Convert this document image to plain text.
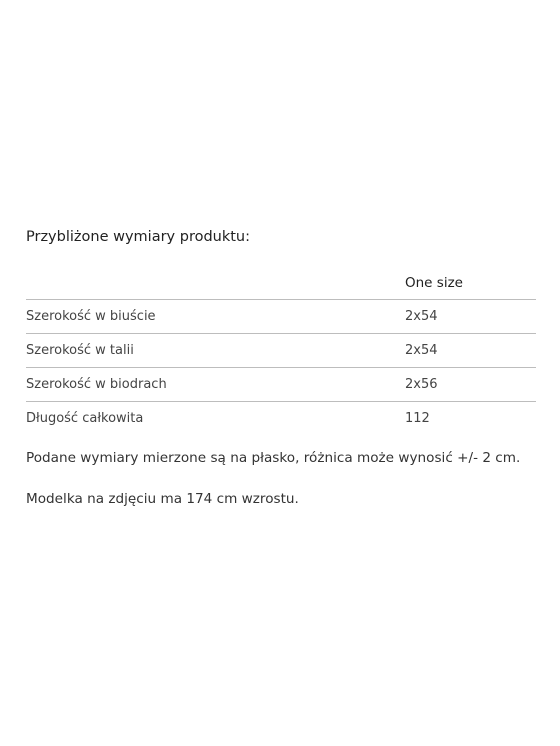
Przybliżone wymiary produktu:
	One size
Szerokość w biuście	2x54
Szerokość w talii	2x54
Szerokość w biodrach	2x56
Długość całkowita	112
Podane wymiary mierzone są na płasko, różnica może wynosić +/- 2 cm.
Modelka na zdjęciu ma 174 cm wzrostu.
